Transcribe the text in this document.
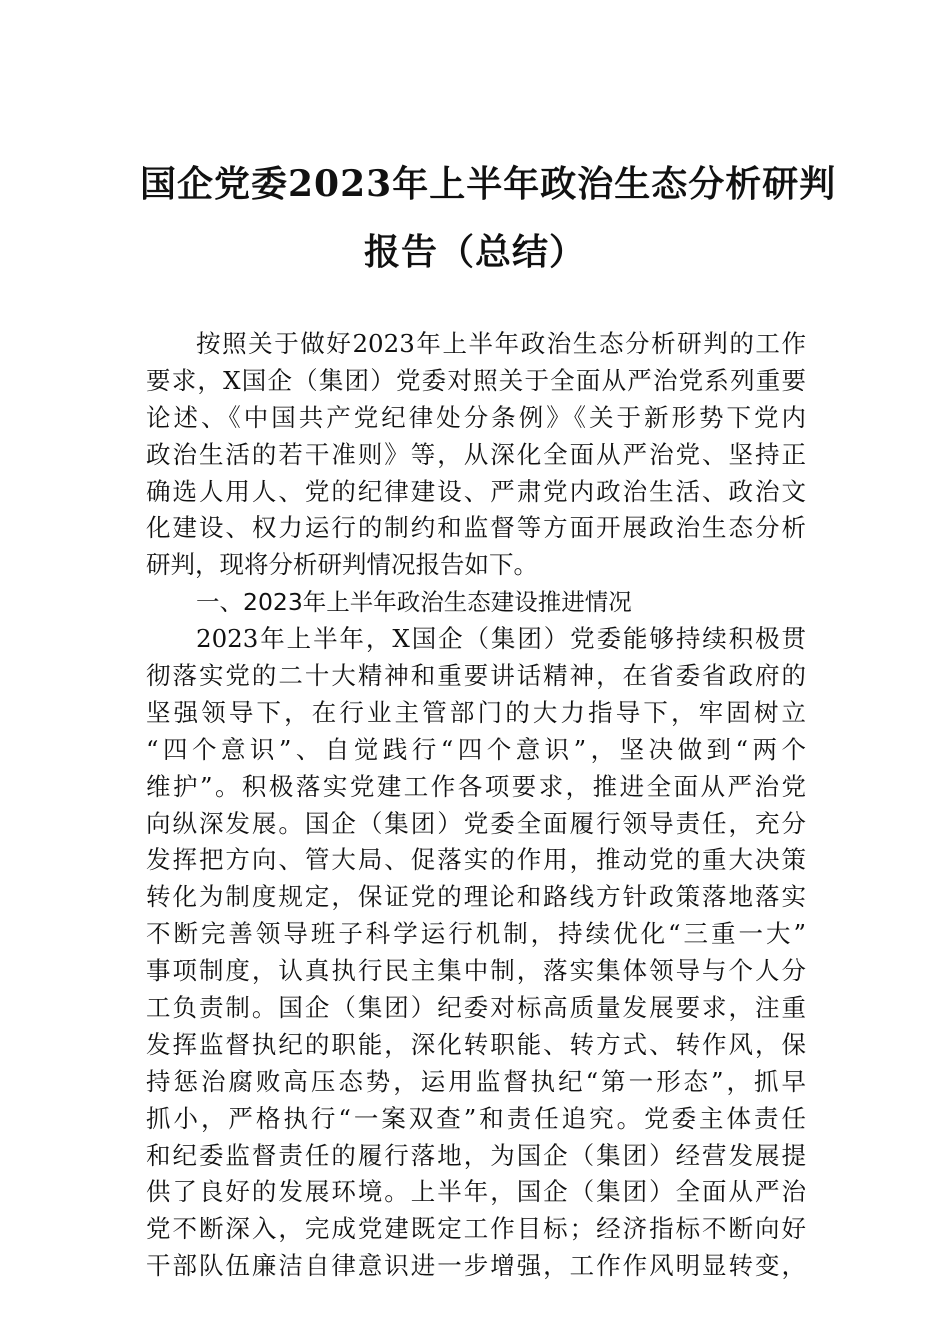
国企党委2023年上半年政治生态分析研判
报告（总结）
按照关于做好2023年上半年政治生态分析研判的工作
要求，X国企（集团）党委对照关于全面从严治党系列重要
论述、《中国共产党纪律处分条例》《关于新形势下党内
政治生活的若干准则》等，从深化全面从严治党、坚持正
确选人用人、党的纪律建设、严肃党内政治生活、政治文
化建设、权力运行的制约和监督等方面开展政治生态分析
研判，现将分析研判情况报告如下。
一、2023年上半年政治生态建设推进情况
2023年上半年，X国企（集团）党委能够持续积极贯
彻落实党的二十大精神和重要讲话精神，在省委省政府的
坚强领导下，在行业主管部门的大力指导下，牢固树立
“四个意识”、自觉践行“四个意识”，坚决做到“两个
维护”。积极落实党建工作各项要求，推进全面从严治党
向纵深发展。国企（集团）党委全面履行领导责任，充分
发挥把方向、管大局、促落实的作用，推动党的重大决策
转化为制度规定，保证党的理论和路线方针政策落地落实
不断完善领导班子科学运行机制，持续优化“三重一大”
事项制度，认真执行民主集中制，落实集体领导与个人分
工负责制。国企（集团）纪委对标高质量发展要求，注重
发挥监督执纪的职能，深化转职能、转方式、转作风，保
持惩治腐败高压态势，运用监督执纪“第一形态”，抓早
抓小，严格执行“一案双查”和责任追究。党委主体责任
和纪委监督责任的履行落地，为国企（集团）经营发展提
供了良好的发展环境。上半年，国企（集团）全面从严治
党不断深入，完成党建既定工作目标；经济指标不断向好
干部队伍廉洁自律意识进一步增强，工作作风明显转变，
